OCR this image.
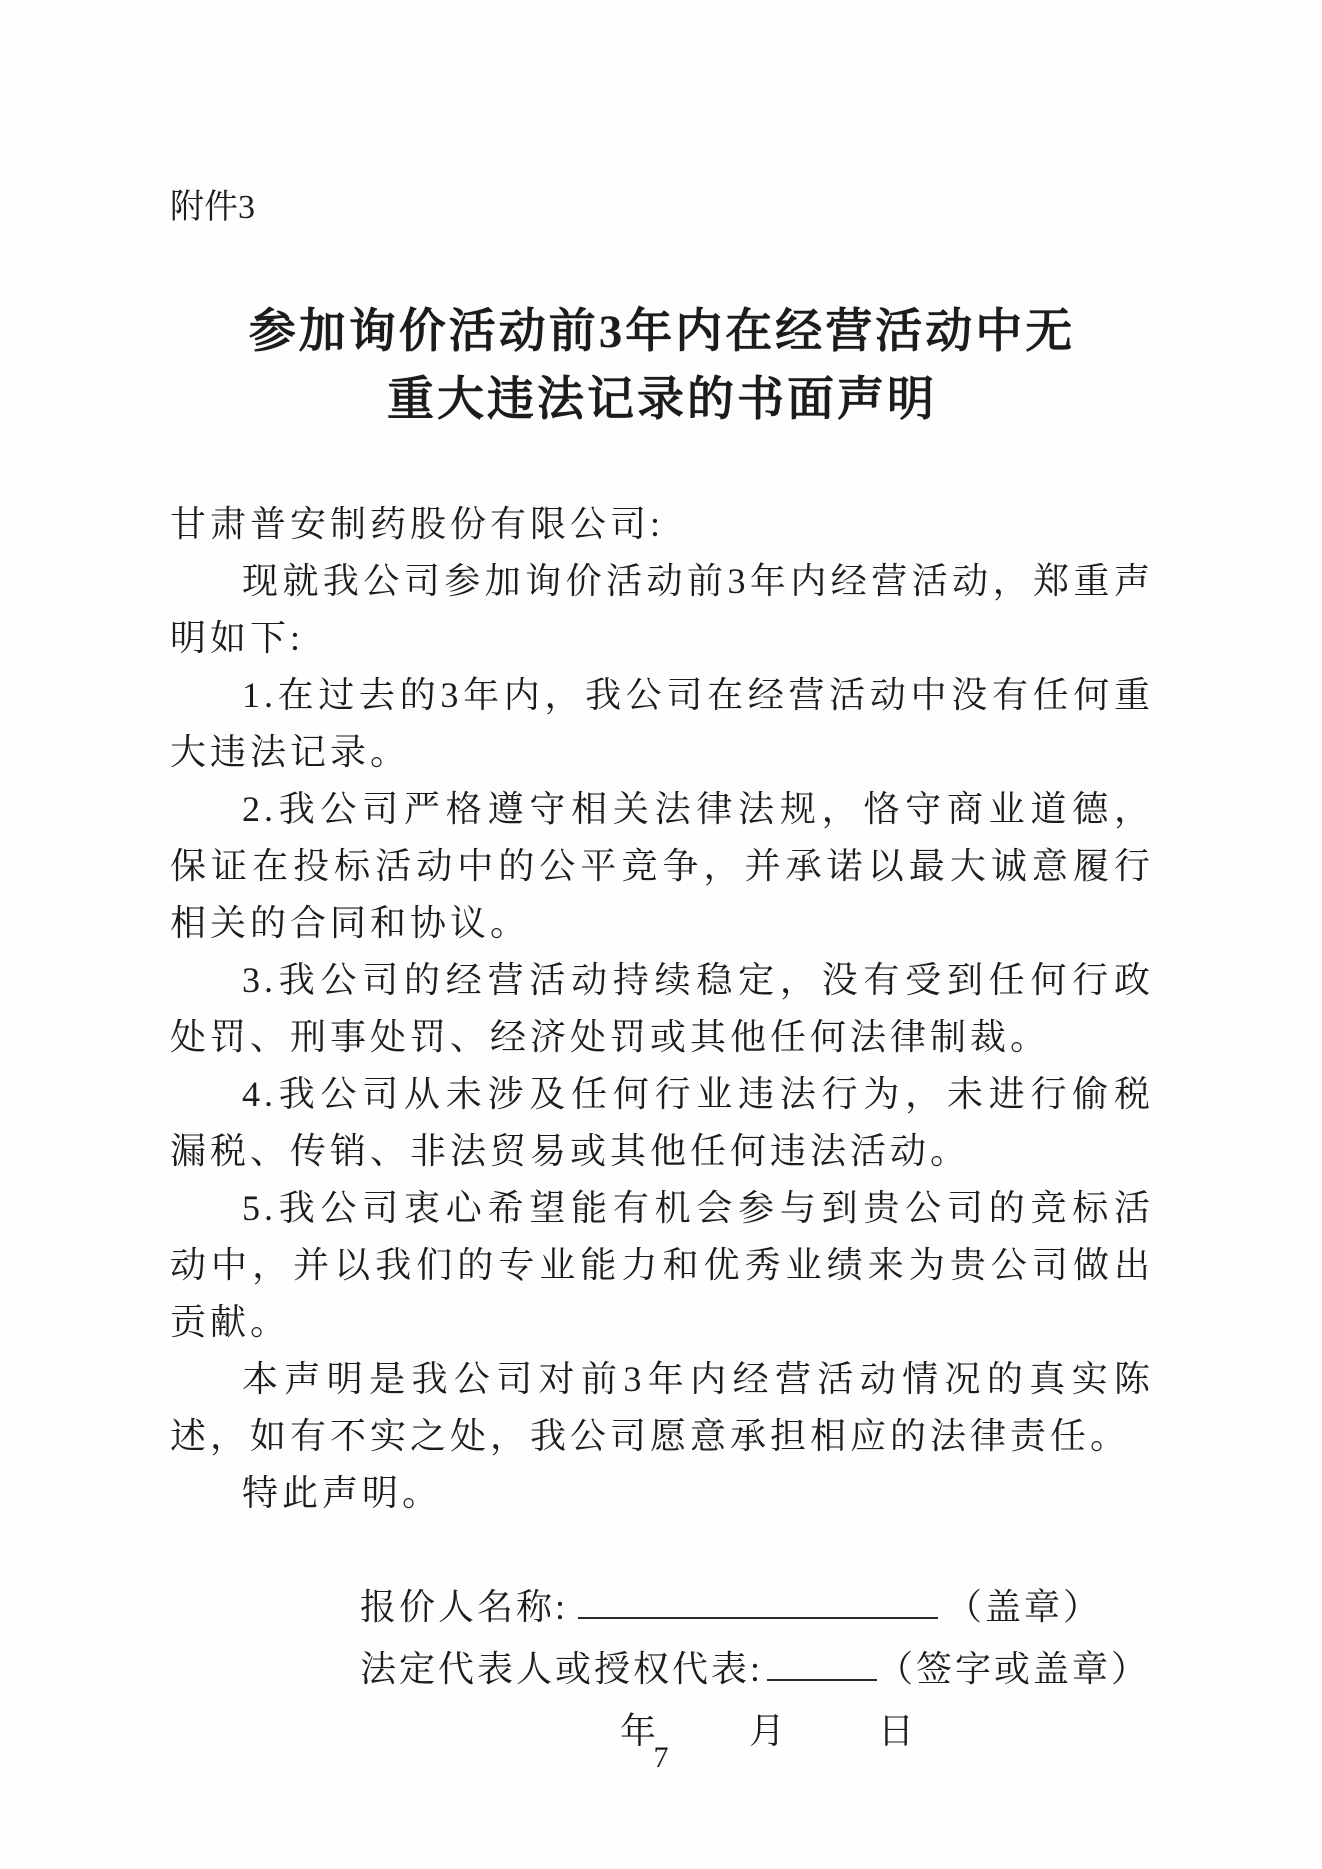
附件3
参加询价活动前3年内在经营活动中无
重大违法记录的书面声明

甘肃普安制药股份有限公司:

现就我公司参加询价活动前3年内经营活动，郑重声明如下:

1.在过去的3年内，我公司在经营活动中没有任何重大违法记录。

2.我公司严格遵守相关法律法规，恪守商业道德，保证在投标活动中的公平竞争，并承诺以最大诚意履行相关的合同和协议。

3.我公司的经营活动持续稳定，没有受到任何行政处罚、刑事处罚、经济处罚或其他任何法律制裁。

4.我公司从未涉及任何行业违法行为，未进行偷税漏税、传销、非法贸易或其他任何违法活动。

5.我公司衷心希望能有机会参与到贵公司的竞标活动中，并以我们的专业能力和优秀业绩来为贵公司做出贡献。

本声明是我公司对前3年内经营活动情况的真实陈述，如有不实之处，我公司愿意承担相应的法律责任。

特此声明。

报价人名称:	（盖章）
法定代表人或授权代表:	（签字或盖章）
年	月	日
7
